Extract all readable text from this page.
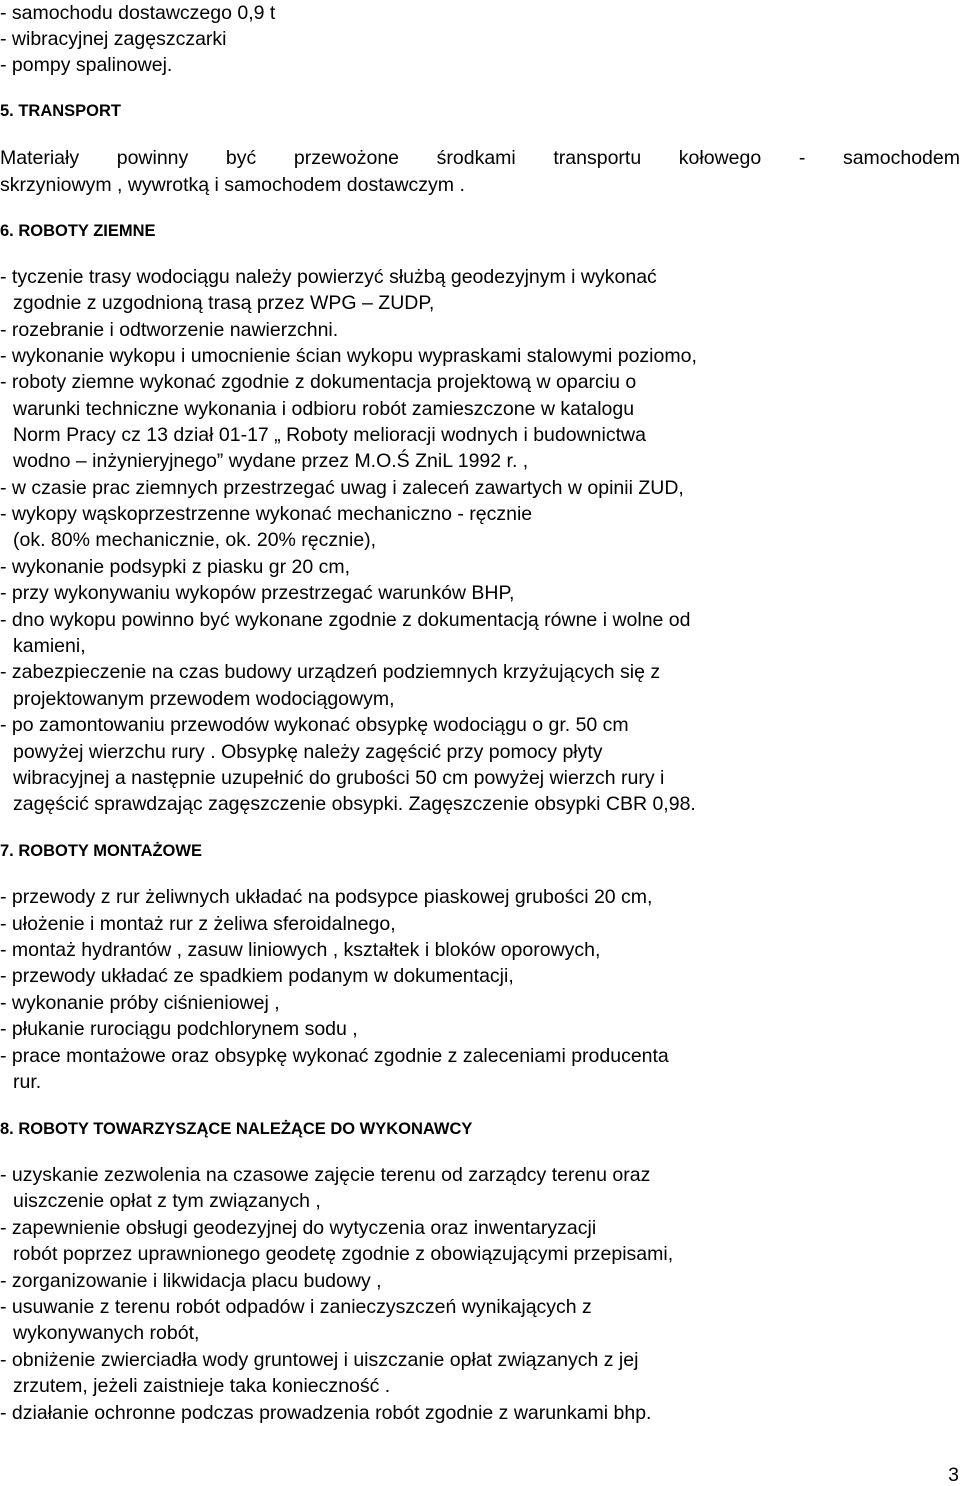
- samochodu dostawczego 0,9 t
- wibracyjnej zagęszczarki
- pompy spalinowej.
5. TRANSPORT
Materiały powinny być przewożone środkami transportu kołowego - samochodem
skrzyniowym , wywrotką i samochodem dostawczym .
6. ROBOTY ZIEMNE
- tyczenie trasy wodociągu należy powierzyć służbą geodezyjnym i wykonać
zgodnie z uzgodnioną trasą przez WPG – ZUDP,
- rozebranie i odtworzenie nawierzchni.
- wykonanie wykopu i umocnienie ścian wykopu wypraskami stalowymi poziomo,
- roboty ziemne wykonać zgodnie z dokumentacja projektową w oparciu o
warunki techniczne wykonania i odbioru robót zamieszczone w katalogu
Norm Pracy cz 13 dział 01-17 „ Roboty melioracji wodnych i budownictwa
wodno – inżynieryjnego” wydane przez M.O.Ś ZniL 1992 r. ,
- w czasie prac ziemnych przestrzegać uwag i zaleceń zawartych w opinii ZUD,
- wykopy wąskoprzestrzenne wykonać mechaniczno - ręcznie
(ok. 80% mechanicznie, ok. 20% ręcznie),
- wykonanie podsypki z piasku gr 20 cm,
- przy wykonywaniu wykopów przestrzegać warunków BHP,
- dno wykopu powinno być wykonane zgodnie z dokumentacją równe i wolne od
kamieni,
- zabezpieczenie na czas budowy urządzeń podziemnych krzyżujących się z
projektowanym przewodem wodociągowym,
- po zamontowaniu przewodów wykonać obsypkę wodociągu o gr. 50 cm
powyżej wierzchu rury . Obsypkę należy zagęścić przy pomocy płyty
wibracyjnej a następnie uzupełnić do grubości 50 cm powyżej wierzch rury i
zagęścić sprawdzając zagęszczenie obsypki. Zagęszczenie obsypki CBR 0,98.
7. ROBOTY MONTAŻOWE
- przewody z rur żeliwnych układać na podsypce piaskowej grubości 20 cm,
- ułożenie i montaż rur z żeliwa sferoidalnego,
- montaż hydrantów , zasuw liniowych , kształtek i bloków oporowych,
- przewody układać ze spadkiem podanym w dokumentacji,
- wykonanie próby ciśnieniowej ,
- płukanie rurociągu podchlorynem sodu ,
- prace montażowe oraz obsypkę wykonać zgodnie z zaleceniami producenta
rur.
8. ROBOTY TOWARZYSZĄCE NALEŻĄCE DO WYKONAWCY
- uzyskanie zezwolenia na czasowe zajęcie terenu od zarządcy terenu oraz
uiszczenie opłat z tym związanych ,
- zapewnienie obsługi geodezyjnej do wytyczenia oraz inwentaryzacji
robót poprzez uprawnionego geodetę zgodnie z obowiązującymi przepisami,
- zorganizowanie i likwidacja placu budowy ,
- usuwanie z terenu robót odpadów i zanieczyszczeń wynikających z
wykonywanych robót,
- obniżenie zwierciadła wody gruntowej i uiszczanie opłat związanych z jej
zrzutem, jeżeli zaistnieje taka konieczność .
- działanie ochronne podczas prowadzenia robót zgodnie z warunkami bhp.
3
